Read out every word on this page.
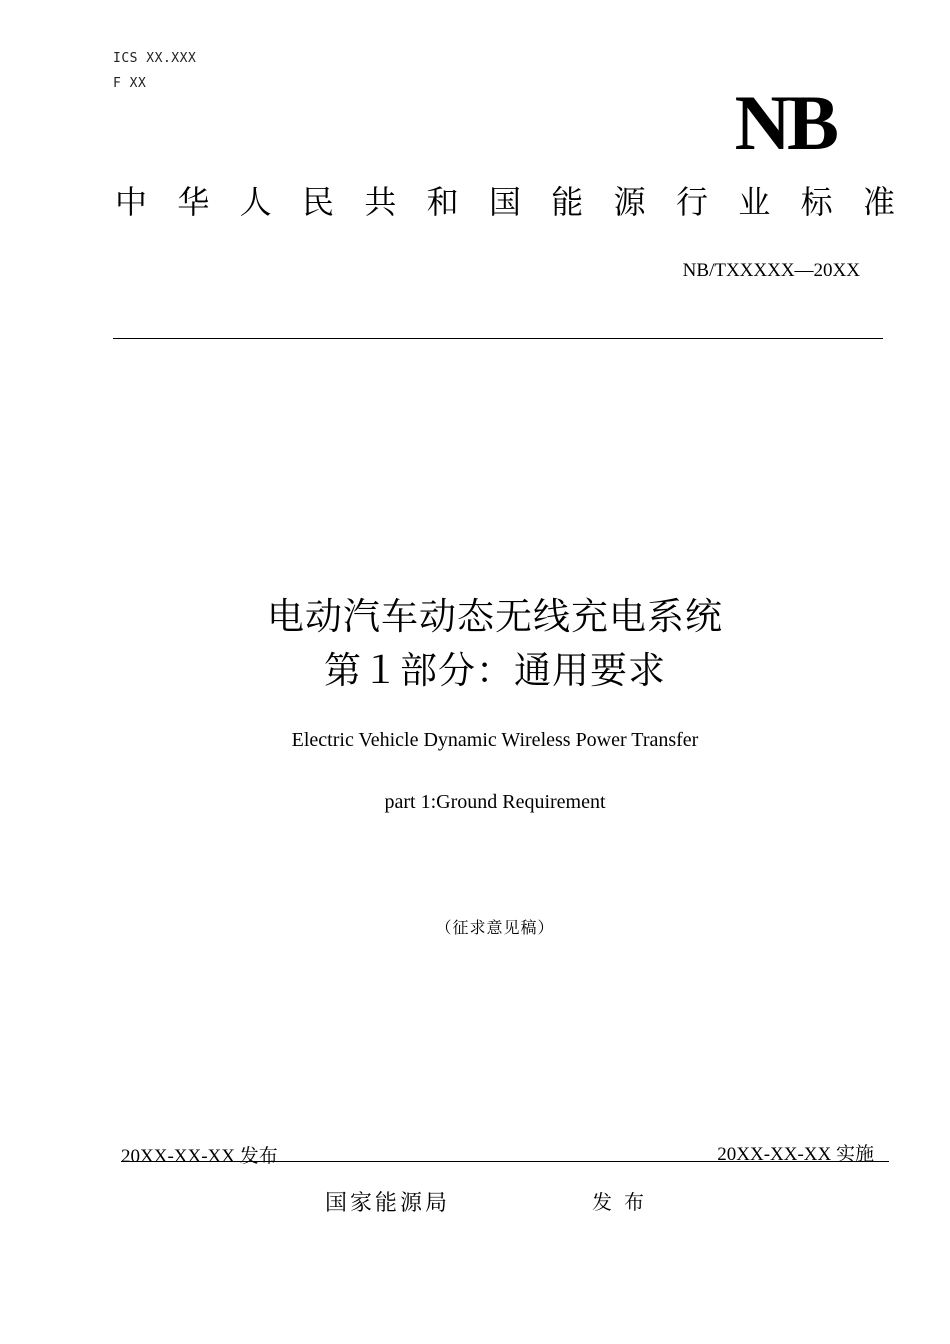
ICS XX.XXX
F XX	NB
中 华 人 民 共 和 国 能 源 行 业 标 准
NB/TXXXXX—20XX
电动汽车动态无线充电系统
第１部分：通用要求
Electric Vehicle Dynamic Wireless Power Transfer
part 1:Ground Requirement
（征求意见稿）
20XX-XX-XX 发布	20XX-XX-XX 实施
国家能源局	发布
